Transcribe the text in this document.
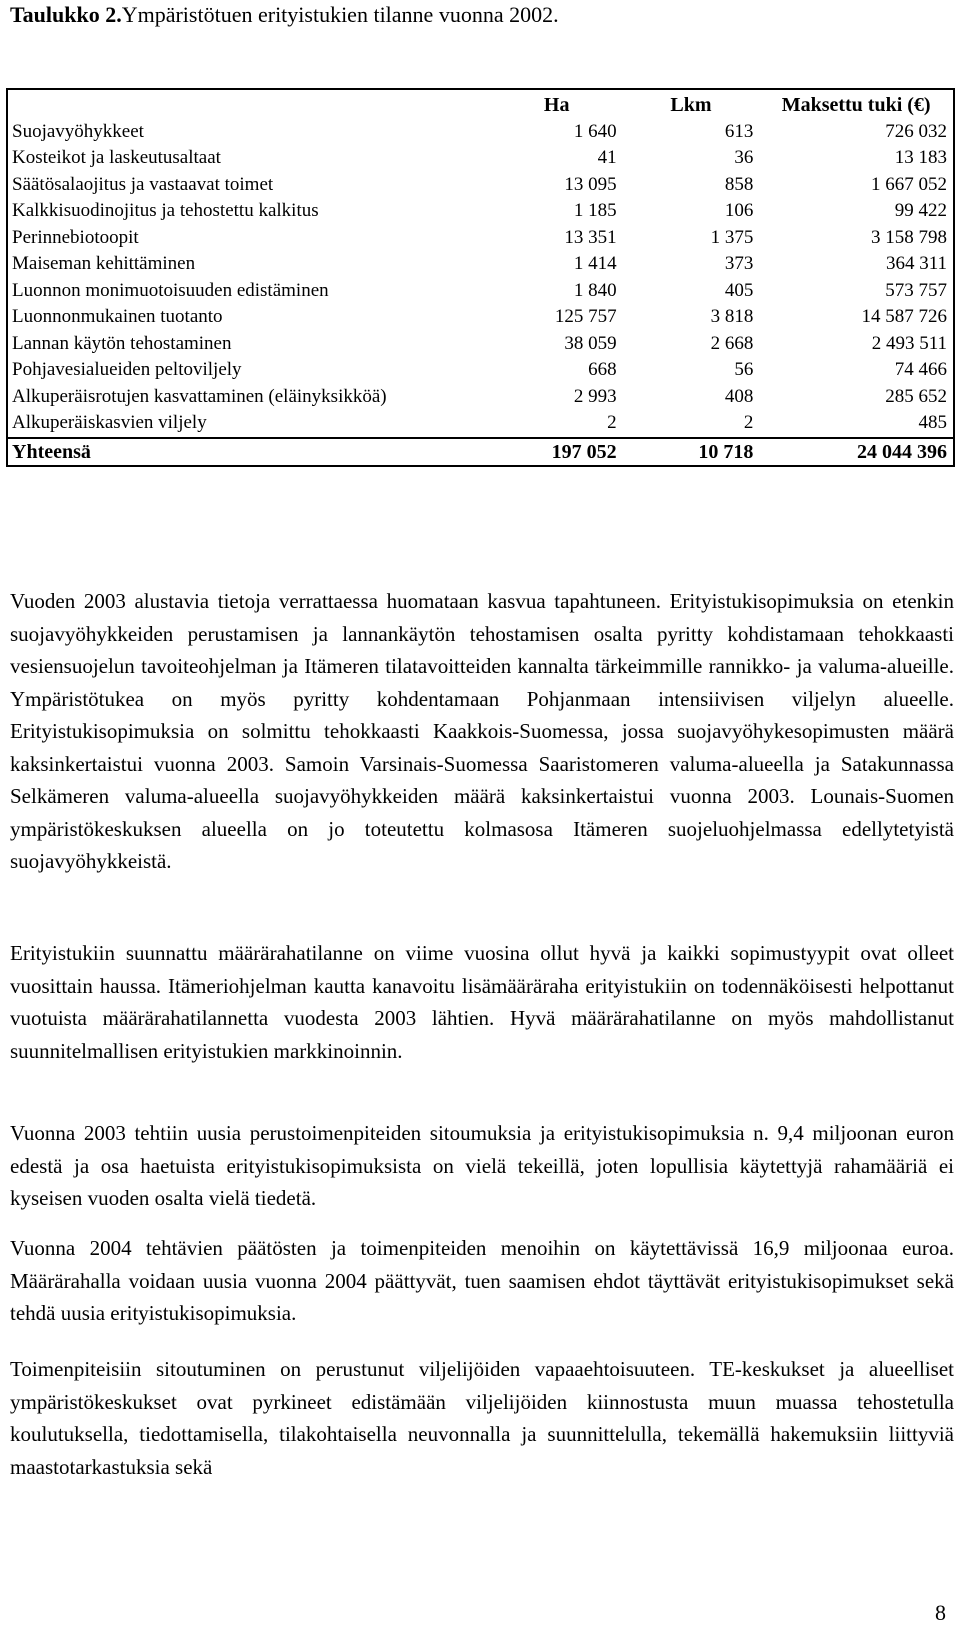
Taulukko 2.Ympäristötuen erityistukien tilanne vuonna 2002.
	Ha	Lkm	Maksettu tuki (€)
Suojavyöhykkeet	1 640	613	726 032
Kosteikot ja laskeutusaltaat	41	36	13 183
Säätösalaojitus ja vastaavat toimet	13 095	858	1 667 052
Kalkkisuodinojitus ja tehostettu kalkitus	1 185	106	99 422
Perinnebiotoopit	13 351	1 375	3 158 798
Maiseman kehittäminen	1 414	373	364 311
Luonnon monimuotoisuuden edistäminen	1 840	405	573 757
Luonnonmukainen tuotanto	125 757	3 818	14 587 726
Lannan käytön tehostaminen	38 059	2 668	2 493 511
Pohjavesialueiden peltoviljely	668	56	74 466
Alkuperäisrotujen kasvattaminen (eläinyksikköä)	2 993	408	285 652
Alkuperäiskasvien viljely	2	2	485
Yhteensä	197 052	10 718	24 044 396

Vuoden 2003 alustavia tietoja verrattaessa huomataan kasvua tapahtuneen. Erityistukisopimuksia on etenkin suojavyöhykkeiden perustamisen ja lannankäytön tehostamisen osalta pyritty kohdistamaan tehokkaasti vesiensuojelun tavoiteohjelman ja Itämeren tilatavoitteiden kannalta tärkeimmille rannikko- ja valuma-alueille. Ympäristötukea on myös pyritty kohdentamaan Pohjanmaan intensiivisen viljelyn alueelle. Erityistukisopimuksia on solmittu tehokkaasti Kaakkois-Suomessa, jossa suojavyöhykesopimusten määrä kaksinkertaistui vuonna 2003. Samoin Varsinais-Suomessa Saaristomeren valuma-alueella ja Satakunnassa Selkämeren valuma-alueella suojavyöhykkeiden määrä kaksinkertaistui vuonna 2003. Lounais-Suomen ympäristökeskuksen alueella on jo toteutettu kolmasosa Itämeren suojeluohjelmassa edellytetyistä suojavyöhykkeistä.

Erityistukiin suunnattu määrärahatilanne on viime vuosina ollut hyvä ja kaikki sopimustyypit ovat olleet vuosittain haussa. Itämeriohjelman kautta kanavoitu lisämääräraha erityistukiin on todennäköisesti helpottanut vuotuista määrärahatilannetta vuodesta 2003 lähtien. Hyvä määrärahatilanne on myös mahdollistanut suunnitelmallisen erityistukien markkinoinnin.

Vuonna 2003 tehtiin uusia perustoimenpiteiden sitoumuksia ja erityistukisopimuksia n. 9,4 miljoonan euron edestä ja osa haetuista erityistukisopimuksista on vielä tekeillä, joten lopullisia käytettyjä rahamääriä ei kyseisen vuoden osalta vielä tiedetä.

Vuonna 2004 tehtävien päätösten ja toimenpiteiden menoihin on käytettävissä 16,9 miljoonaa euroa. Määrärahalla voidaan uusia vuonna 2004 päättyvät, tuen saamisen ehdot täyttävät erityistukisopimukset sekä tehdä uusia erityistukisopimuksia.

Toimenpiteisiin sitoutuminen on perustunut viljelijöiden vapaaehtoisuuteen. TE-keskukset ja alueelliset ympäristökeskukset ovat pyrkineet edistämään viljelijöiden kiinnostusta muun muassa tehostetulla koulutuksella, tiedottamisella, tilakohtaisella neuvonnalla ja suunnittelulla, tekemällä hakemuksiin liittyviä maastotarkastuksia sekä

8
